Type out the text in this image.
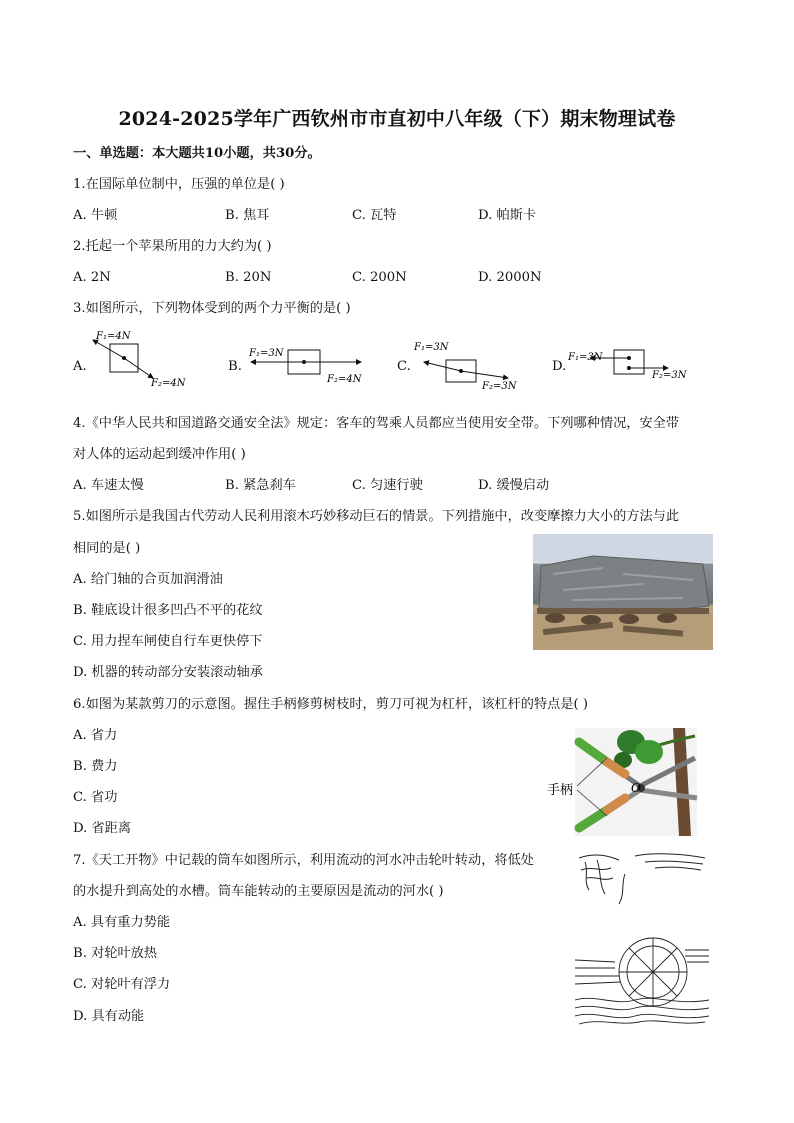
2024-2025学年广西钦州市市直初中八年级（下）期末物理试卷
一、单选题：本大题共10小题，共30分。
1.在国际单位制中，压强的单位是( )
A. 牛顿	B. 焦耳	C. 瓦特	D. 帕斯卡
2.托起一个苹果所用的力大约为( )
A. 2N	B. 20N	C. 200N	D. 2000N
3.如图所示，下列物体受到的两个力平衡的是( )
A.	B.	C.	D.
F₁=4N
F₂=4N
F₁=3N
F₂=4N
F₁=3N
F₂=3N
F₁=3N
F₂=3N
4.《中华人民共和国道路交通安全法》规定：客车的驾乘人员都应当使用安全带。下列哪种情况，安全带
对人体的运动起到缓冲作用( )
A. 车速太慢	B. 紧急刹车	C. 匀速行驶	D. 缓慢启动
5.如图所示是我国古代劳动人民利用滚木巧妙移动巨石的情景。下列措施中，改变摩擦力大小的方法与此
相同的是( )
A. 给门轴的合页加润滑油
B. 鞋底设计很多凹凸不平的花纹
C. 用力捏车闸使自行车更快停下
D. 机器的转动部分安装滚动轴承
6.如图为某款剪刀的示意图。握住手柄修剪树枝时，剪刀可视为杠杆，该杠杆的特点是( )
A. 省力
B. 费力
C. 省功
D. 省距离
手柄	O
7.《天工开物》中记载的筒车如图所示，利用流动的河水冲击轮叶转动，将低处
的水提升到高处的水槽。筒车能转动的主要原因是流动的河水( )
A. 具有重力势能
B. 对轮叶放热
C. 对轮叶有浮力
D. 具有动能
